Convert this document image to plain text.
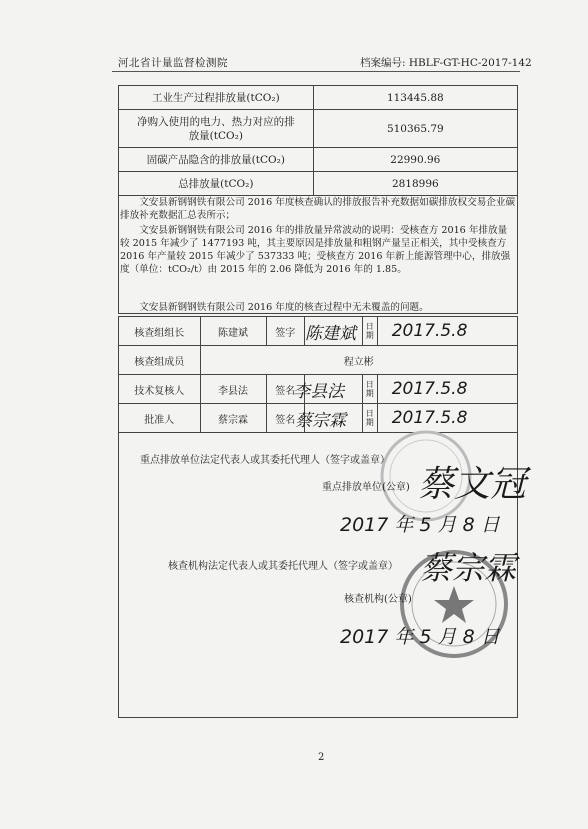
河北省计量监督检测院	档案编号: HBLF-GT-HC-2017-142
工业生产过程排放量(tCO₂)	113445.88
净购入使用的电力、热力对应的排放量(tCO₂)	510365.79
固碳产品隐含的排放量(tCO₂)	22990.96
总排放量(tCO₂)	2818996
文安县新钢钢铁有限公司 2016 年度核查确认的排放报告补充数据如碳排放权交易企业碳排放补充数据汇总表所示；
文安县新钢钢铁有限公司 2016 年的排放量异常波动的说明：受核查方 2016 年排放量较 2015 年减少了 1477193 吨，其主要原因是排放量和粗钢产量呈正相关，其中受核查方 2016 年产量较 2015 年减少了 537333 吨；受核查方 2016 年新上能源管理中心，排放强度（单位：tCO₂/t）由 2015 年的 2.06 降低为 2016 年的 1.85。
文安县新钢钢铁有限公司 2016 年度的核查过程中无未覆盖的问题。
核查组组长	陈建斌	签字	陈建斌	日期	2017.5.8

核查组成员	程立彬				
技术复核人	李县法	签名	李县法	日期	2017.5.8

批准人	蔡宗霖	签名	蔡宗霖	日期	2017.5.8
重点排放单位法定代表人或其委托代理人（签字或盖章）
蔡文冠
重点排放单位(公章)
2017 年 5 月 8 日
核查机构法定代表人或其委托代理人（签字或盖章） 蔡宗霖
核查机构(公章)
2017 年 5 月 8 日
2
